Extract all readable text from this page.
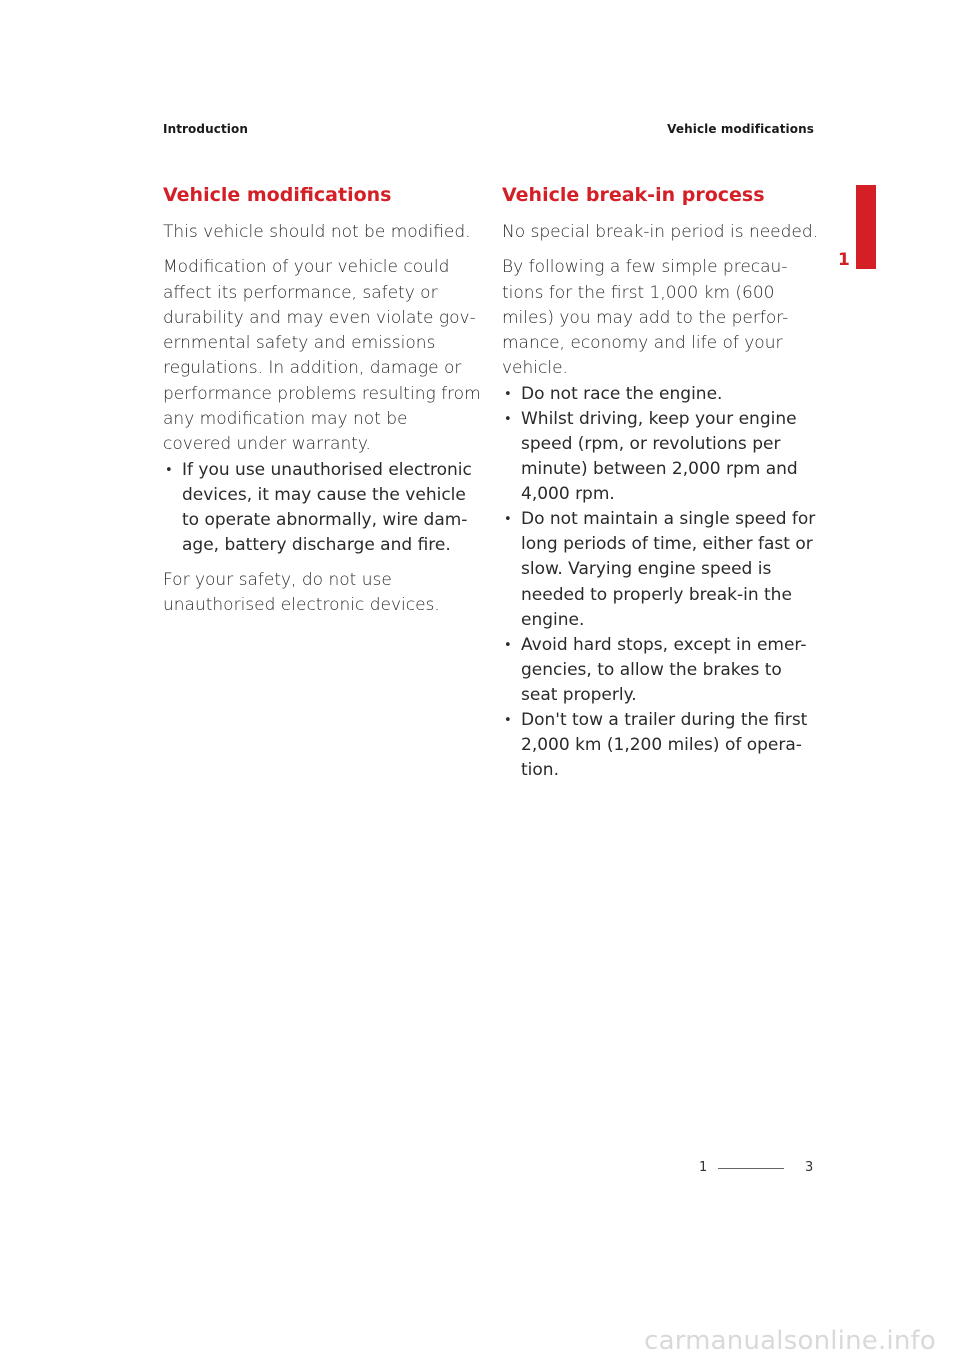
Introduction	Vehicle modifications
1
Vehicle modifications

This vehicle should not be modified.

Modification of your vehicle could affect its performance, safety or durability and may even violate gov-ernmental safety and emissions regulations. In addition, damage or performance problems resulting from any modification may not be covered under warranty.

• If you use unauthorised electronic devices, it may cause the vehicle to operate abnormally, wire dam-age, battery discharge and fire.

For your safety, do not use unauthorised electronic devices.

Vehicle break-in process

No special break-in period is needed.

By following a few simple precau-tions for the first 1,000 km (600 miles) you may add to the perfor-mance, economy and life of your vehicle.

• Do not race the engine.
• Whilst driving, keep your engine speed (rpm, or revolutions per minute) between 2,000 rpm and 4,000 rpm.
• Do not maintain a single speed for long periods of time, either fast or slow. Varying engine speed is needed to properly break-in the engine.
• Avoid hard stops, except in emer-gencies, to allow the brakes to seat properly.
• Don't tow a trailer during the first 2,000 km (1,200 miles) of opera-tion.
1	3
carmanualsonline.info
